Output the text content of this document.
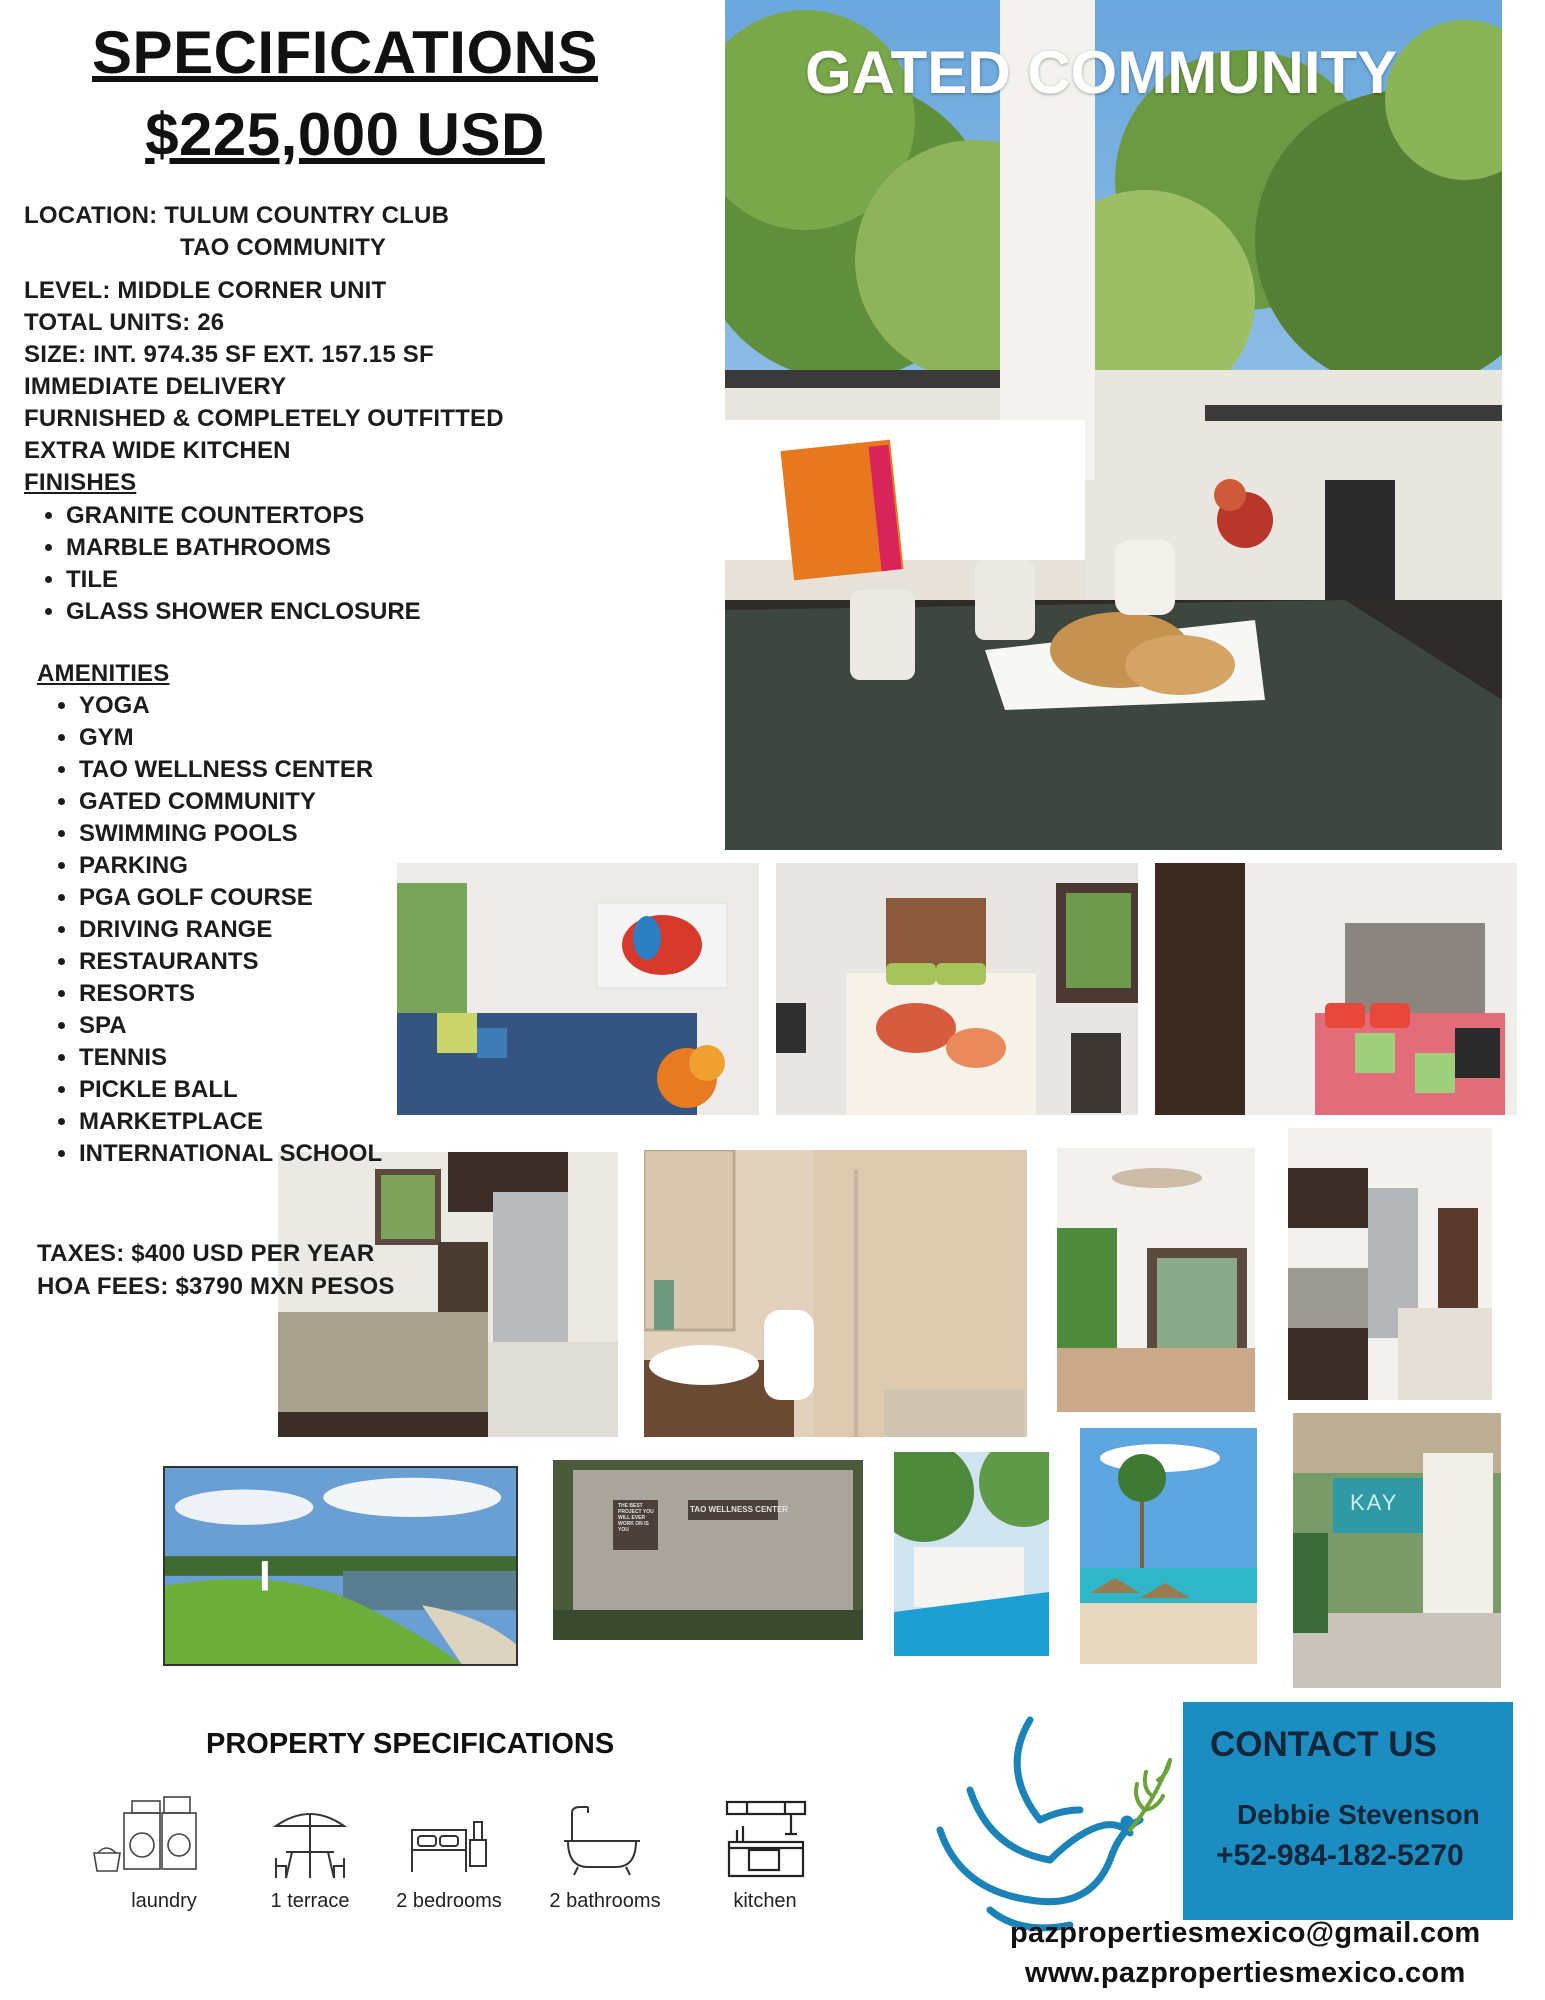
SPECIFICATIONS
$225,000 USD
LOCATION: TULUM COUNTRY CLUB
TAO COMMUNITY
LEVEL: MIDDLE CORNER UNIT
TOTAL UNITS: 26
SIZE: INT. 974.35 SF EXT. 157.15 SF
IMMEDIATE DELIVERY
FURNISHED & COMPLETELY OUTFITTED
EXTRA WIDE KITCHEN
FINISHES
• GRANITE COUNTERTOPS
• MARBLE BATHROOMS
• TILE
• GLASS SHOWER ENCLOSURE
AMENITIES
• YOGA
• GYM
• TAO WELLNESS CENTER
• GATED COMMUNITY
• SWIMMING POOLS
• PARKING
• PGA GOLF COURSE
• DRIVING RANGE
• RESTAURANTS
• RESORTS
• SPA
• TENNIS
• PICKLE BALL
• MARKETPLACE
• INTERNATIONAL SCHOOL
GATED COMMUNITY
KAY
TAXES: $400 USD PER YEAR
HOA FEES: $3790 MXN PESOS
THE BEST PROJECT YOU WILL EVER WORK ON IS YOU
TAO WELLNESS CENTER
PROPERTY SPECIFICATIONS
laundry	1 terrace	2 bedrooms	2 bathrooms	kitchen
CONTACT US
Debbie Stevenson
+52-984-182-5270
pazpropertiesmexico@gmail.com
www.pazpropertiesmexico.com
